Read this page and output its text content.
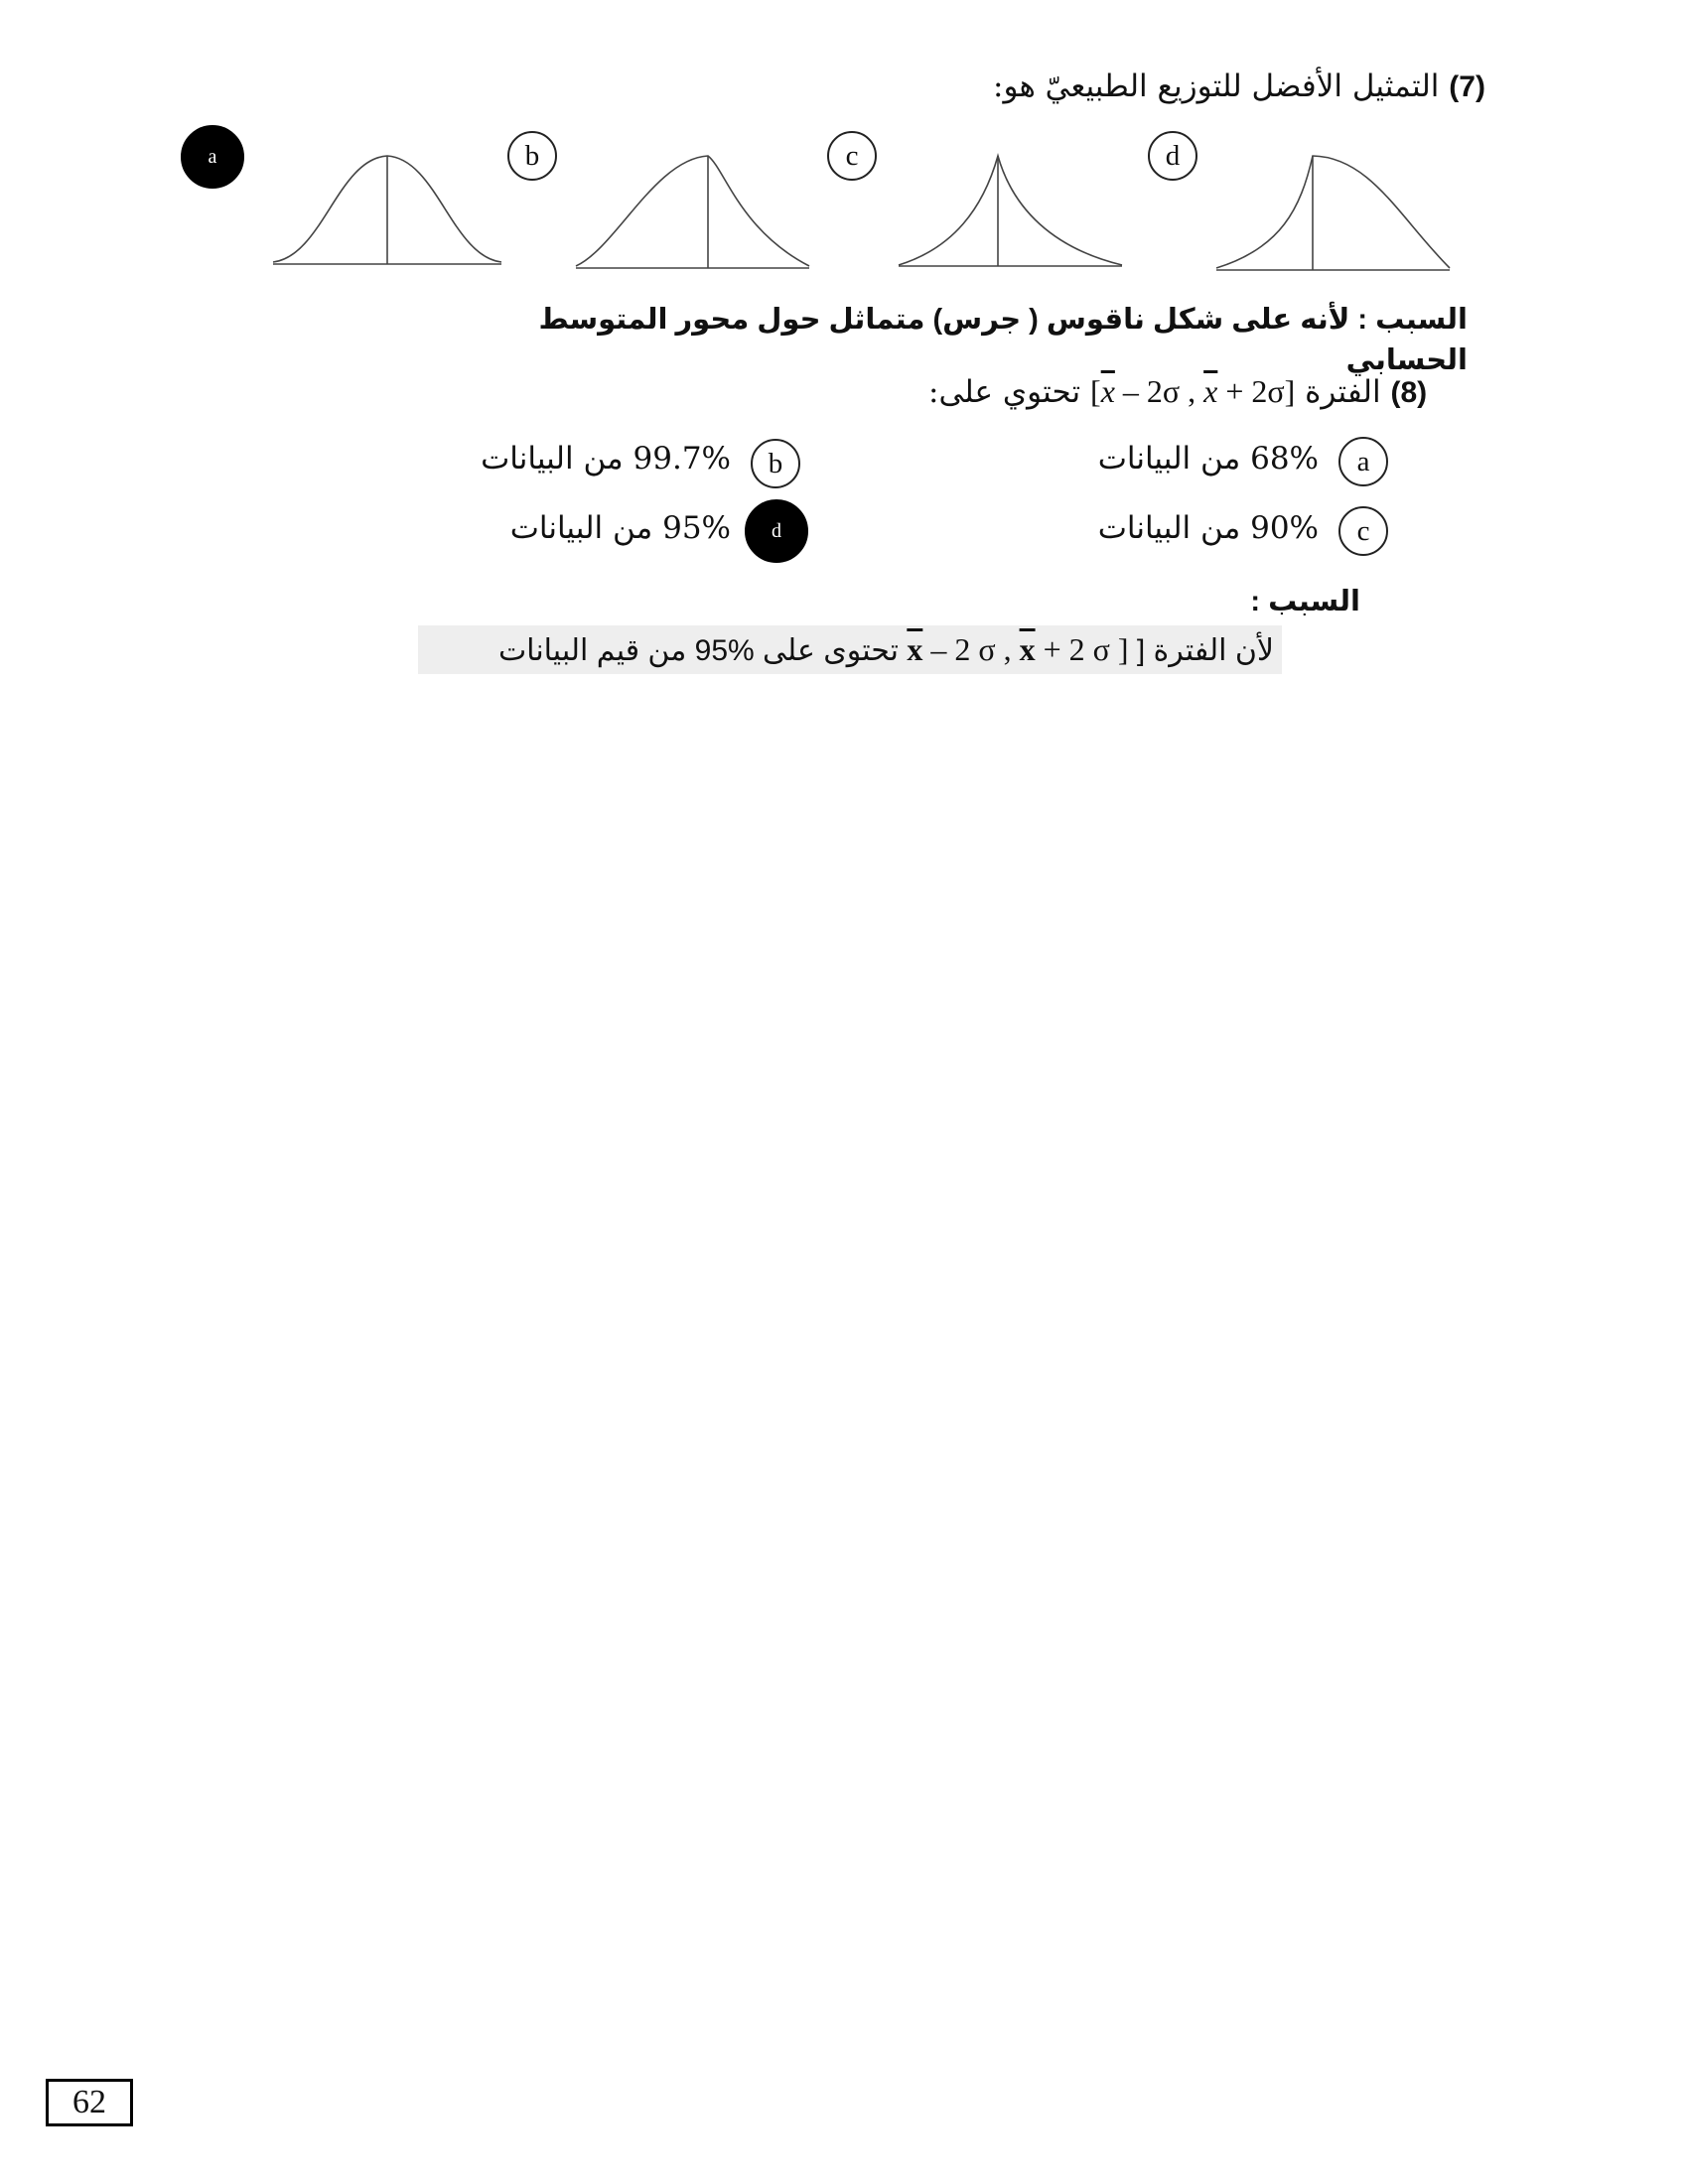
(7) التمثيل الأفضل للتوزيع الطبيعيّ هو:
a	b	c	d
السبب : لأنه على شكل ناقوس ( جرس) متماثل حول محور المتوسط الحسابي
(8) الفترة [$\overline{x} - 2\sigma$ , $\overline{x} + 2\sigma$] تحتوي على:
a
68% من البيانات
b
99.7% من البيانات
c
90% من البيانات
d
95% من البيانات
السبب :
لأن الفترة [ $\overline{x} - 2$ σ , $\overline{x} + 2$ σ ] تحتوى على %95 من قيم البيانات
62
